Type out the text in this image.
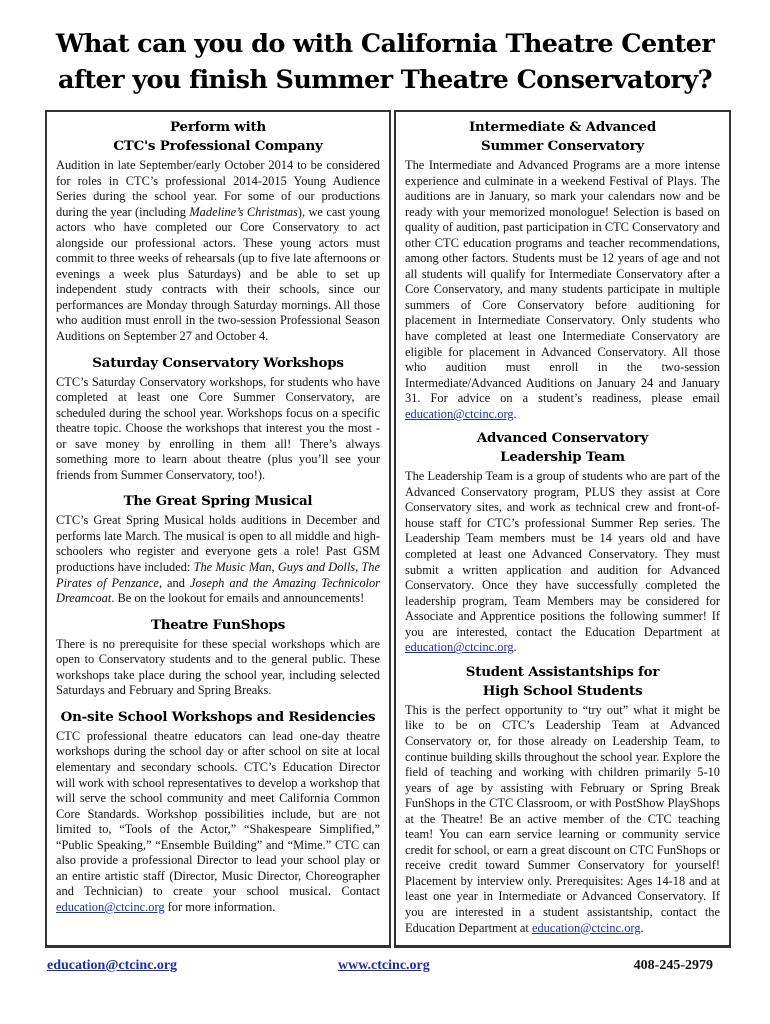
What can you do with California Theatre Center
after you finish Summer Theatre Conservatory?
Perform with
CTC's Professional Company

Audition in late September/early October 2014 to be considered for roles in CTC’s professional 2014-2015 Young Audience Series during the school year. For some of our productions during the year (including Madeline’s Christmas), we cast young actors who have completed our Core Conservatory to act alongside our professional actors. These young actors must commit to three weeks of rehearsals (up to five late afternoons or evenings a week plus Saturdays) and be able to set up independent study contracts with their schools, since our performances are Monday through Saturday mornings. All those who audition must enroll in the two-session Professional Season Auditions on September 27 and October 4.

Saturday Conservatory Workshops

CTC’s Saturday Conservatory workshops, for students who have completed at least one Core Summer Conservatory, are scheduled during the school year. Workshops focus on a specific theatre topic. Choose the workshops that interest you the most - or save money by enrolling in them all! There’s always something more to learn about theatre (plus you’ll see your friends from Summer Conservatory, too!).

The Great Spring Musical

CTC’s Great Spring Musical holds auditions in December and performs late March. The musical is open to all middle and high-schoolers who register and everyone gets a role! Past GSM productions have included: The Music Man, Guys and Dolls, The Pirates of Penzance, and Joseph and the Amazing Technicolor Dreamcoat. Be on the lookout for emails and announcements!

Theatre FunShops

There is no prerequisite for these special workshops which are open to Conservatory students and to the general public. These workshops take place during the school year, including selected Saturdays and February and Spring Breaks.

On-site School Workshops and Residencies

CTC professional theatre educators can lead one-day theatre workshops during the school day or after school on site at local elementary and secondary schools. CTC’s Education Director will work with school representatives to develop a workshop that will serve the school community and meet California Common Core Standards. Workshop possibilities include, but are not limited to, “Tools of the Actor,” “Shakespeare Simplified,” “Public Speaking,” “Ensemble Building” and “Mime.” CTC can also provide a professional Director to lead your school play or an entire artistic staff (Director, Music Director, Choreographer and Technician) to create your school musical. Contact education@ctcinc.org for more information.

Intermediate & Advanced
Summer Conservatory

The Intermediate and Advanced Programs are a more intense experience and culminate in a weekend Festival of Plays. The auditions are in January, so mark your calendars now and be ready with your memorized monologue! Selection is based on quality of audition, past participation in CTC Conservatory and other CTC education programs and teacher recommendations, among other factors. Students must be 12 years of age and not all students will qualify for Intermediate Conservatory after a Core Conservatory, and many students participate in multiple summers of Core Conservatory before auditioning for placement in Intermediate Conservatory. Only students who have completed at least one Intermediate Conservatory are eligible for placement in Advanced Conservatory. All those who audition must enroll in the two-session Intermediate/Advanced Auditions on January 24 and January 31. For advice on a student’s readiness, please email education@ctcinc.org.

Advanced Conservatory
Leadership Team

The Leadership Team is a group of students who are part of the Advanced Conservatory program, PLUS they assist at Core Conservatory sites, and work as technical crew and front-of-house staff for CTC’s professional Summer Rep series. The Leadership Team members must be 14 years old and have completed at least one Advanced Conservatory. They must submit a written application and audition for Advanced Conservatory. Once they have successfully completed the leadership program, Team Members may be considered for Associate and Apprentice positions the following summer! If you are interested, contact the Education Department at education@ctcinc.org.

Student Assistantships for
High School Students

This is the perfect opportunity to “try out” what it might be like to be on CTC’s Leadership Team at Advanced Conservatory or, for those already on Leadership Team, to continue building skills throughout the school year. Explore the field of teaching and working with children primarily 5-10 years of age by assisting with February or Spring Break FunShops in the CTC Classroom, or with PostShow PlayShops at the Theatre! Be an active member of the CTC teaching team! You can earn service learning or community service credit for school, or earn a great discount on CTC FunShops or receive credit toward Summer Conservatory for yourself! Placement by interview only. Prerequisites: Ages 14-18 and at least one year in Intermediate or Advanced Conservatory. If you are interested in a student assistantship, contact the Education Department at education@ctcinc.org.

education@ctcinc.org	www.ctcinc.org	408-245-2979
